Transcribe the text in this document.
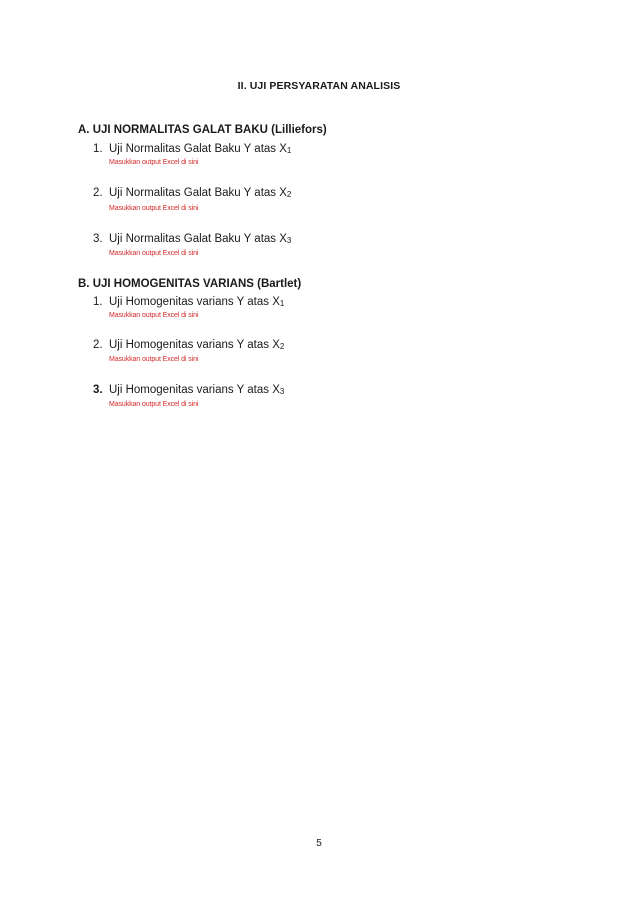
II. UJI PERSYARATAN ANALISIS
A. UJI NORMALITAS GALAT BAKU (Lilliefors)
1. Uji Normalitas Galat Baku Y atas $X_1$
Masukkan output Excel di sini
2. Uji Normalitas Galat Baku Y atas $X_2$
Masukkan output Excel di sini
3. Uji Normalitas Galat Baku Y atas $X_3$
Masukkan output Excel di sini
B. UJI HOMOGENITAS VARIANS (Bartlet)
1. Uji Homogenitas varians Y atas $X_1$
Masukkan output Excel di sini
2. Uji Homogenitas varians Y atas $X_2$
Masukkan output Excel di sini
3. Uji Homogenitas varians Y atas $X_3$
Masukkan output Excel di sini
5
